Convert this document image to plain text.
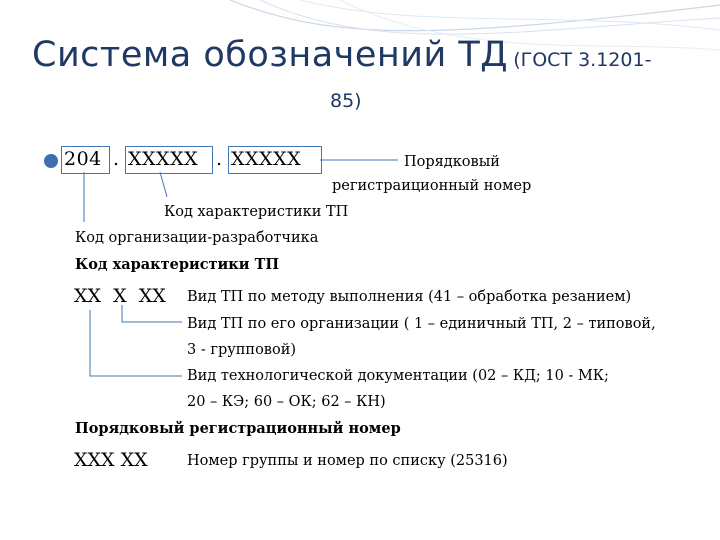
Система обозначений ТД (ГОСТ 3.1201-
85)
204 . XXXXX . XXXXX	Порядковый
регистраиционный номер
Код характеристики ТП
Код организации-разработчика
Код характеристики ТП
XX  X  XX Вид ТП по методу выполнения (41 – обработка резанием)
Вид ТП по его организации ( 1 – единичный ТП, 2 – типовой,
3 - групповой)
Вид технологической документации (02 – КД; 10 - МК;
20 – КЭ; 60 – ОК; 62 – КН)
Порядковый регистрационный номер
XXX XX	Номер группы и номер по списку (25316)
